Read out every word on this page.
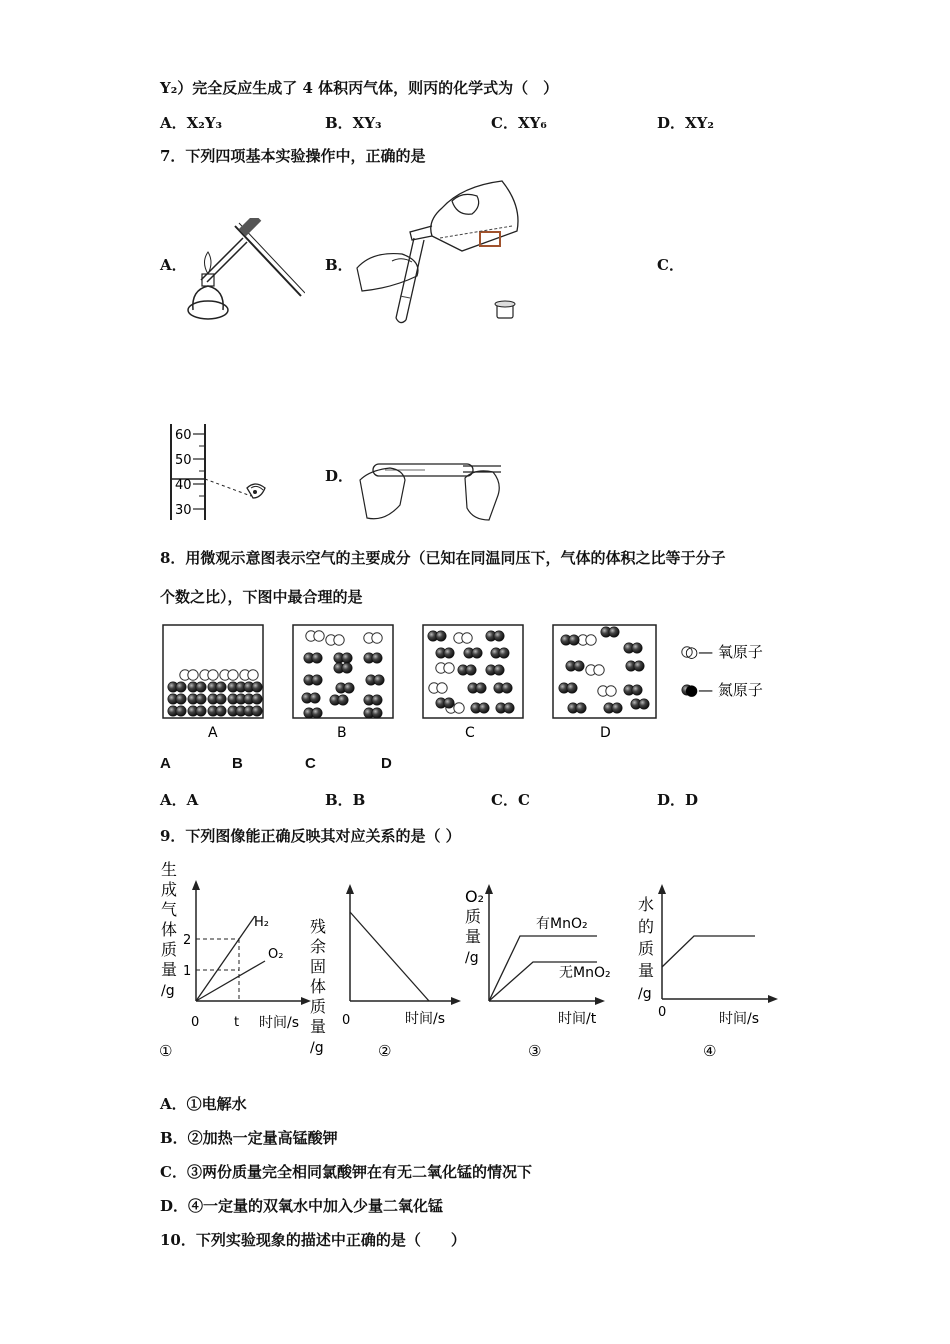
Y₂）完全反应生成了 4 体积丙气体，则丙的化学式为（　）
A．X₂Y₃	B．XY₃	C．XY₆	D．XY₂
7．下列四项基本实验操作中，正确的是
A．	B．	C．
D．
60
50
40
30
8．用微观示意图表示空气的主要成分（已知在同温同压下，气体的体积之比等于分子
个数之比），下图中最合理的是
A	B	C	D
○— 氧原子
●— 氮原子
A	B	C	D
A．A	B．B	C．C	D．D
9．下列图像能正确反映其对应关系的是（ ）
生
成
气
体
质
量
/g
2
1
0	t
H₂
O₂
时间/s
①
残
余
固
体
质
量
/g
0	时间/s
②
O₂
质
量
/g
有MnO₂
无MnO₂
时间/t
③
水
的
质
量
/g
0	时间/s
④
A．①电解水
B．②加热一定量高锰酸钾
C．③两份质量完全相同氯酸钾在有无二氧化锰的情况下
D．④一定量的双氧水中加入少量二氧化锰
10．下列实验现象的描述中正确的是（　　）
